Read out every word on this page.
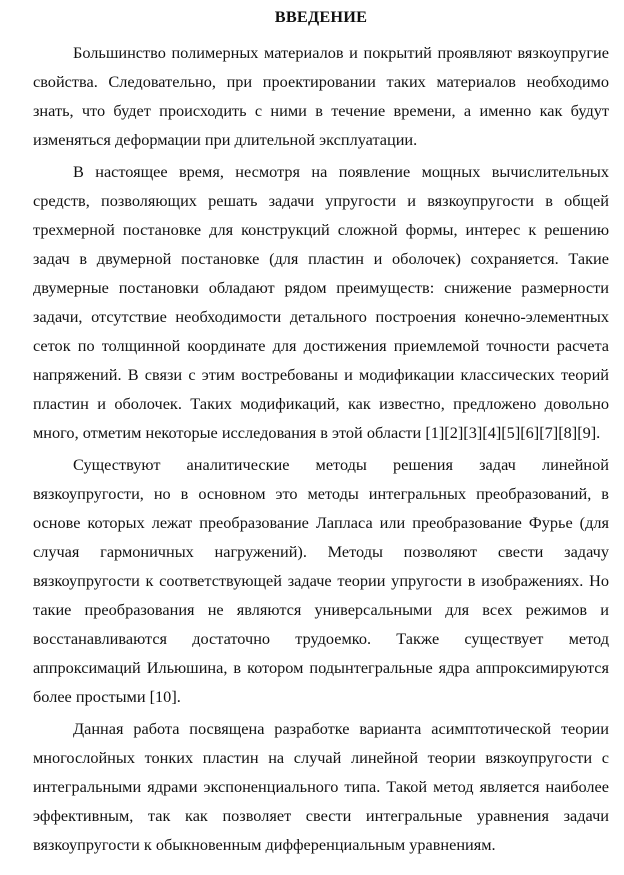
ВВЕДЕНИЕ

Большинство полимерных материалов и покрытий проявляют вязкоупругие свойства. Следовательно, при проектировании таких материалов необходимо знать, что будет происходить с ними в течение времени, а именно как будут изменяться деформации при длительной эксплуатации.

В настоящее время, несмотря на появление мощных вычислительных средств, позволяющих решать задачи упругости и вязкоупругости в общей трехмерной постановке для конструкций сложной формы, интерес к решению задач в двумерной постановке (для пластин и оболочек) сохраняется. Такие двумерные постановки обладают рядом преимуществ: снижение размерности задачи, отсутствие необходимости детального построения конечно-элементных сеток по толщинной координате для достижения приемлемой точности расчета напряжений. В связи с этим востребованы и модификации классических теорий пластин и оболочек. Таких модификаций, как известно, предложено довольно много, отметим некоторые исследования в этой области [1][2][3][4][5][6][7][8][9].

Существуют аналитические методы решения задач линейной вязкоупругости, но в основном это методы интегральных преобразований, в основе которых лежат преобразование Лапласа или преобразование Фурье (для случая гармоничных нагружений). Методы позволяют свести задачу вязкоупругости к соответствующей задаче теории упругости в изображениях. Но такие преобразования не являются универсальными для всех режимов и восстанавливаются достаточно трудоемко. Также существует метод аппроксимаций Ильюшина, в котором подынтегральные ядра аппроксимируются более простыми [10].

Данная работа посвящена разработке варианта асимптотической теории многослойных тонких пластин на случай линейной теории вязкоупругости с интегральными ядрами экспоненциального типа. Такой метод является наиболее эффективным, так как позволяет свести интегральные уравнения задачи вязкоупругости к обыкновенным дифференциальным уравнениям.
